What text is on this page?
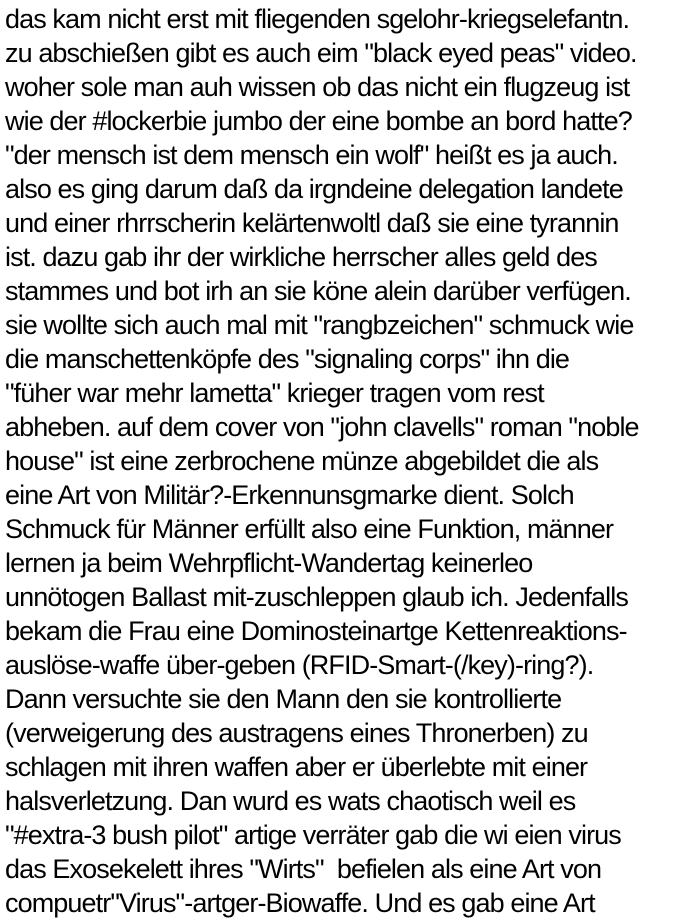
das kam nicht erst mit fliegenden sgelohr-kriegselefantn.
zu abschießen gibt es auch eim "black eyed peas" video.
woher sole man auh wissen ob das nicht ein flugzeug ist
wie der #lockerbie jumbo der eine bombe an bord hatte?
"der mensch ist dem mensch ein wolf" heißt es ja auch.
also es ging darum daß da irgndeine delegation landete
und einer rhrrscherin kelärtenwoltl daß sie eine tyrannin
ist. dazu gab ihr der wirkliche herrscher alles geld des
stammes und bot irh an sie köne alein darüber verfügen.
sie wollte sich auch mal mit "rangbzeichen" schmuck wie
die manschettenköpfe des "signaling corps" ihn die
"füher war mehr lametta" krieger tragen vom rest
abheben. auf dem cover von "john clavells" roman "noble
house" ist eine zerbrochene münze abgebildet die als
eine Art von Militär?-Erkennunsgmarke dient. Solch
Schmuck für Männer erfüllt also eine Funktion, männer
lernen ja beim Wehrpflicht-Wandertag keinerleo
unnötogen Ballast mit-zuschleppen glaub ich. Jedenfalls
bekam die Frau eine Dominosteinartge Kettenreaktions-
auslöse-waffe über-geben (RFID-Smart-(/key)-ring?).
Dann versuchte sie den Mann den sie kontrollierte
(verweigerung des austragens eines Thronerben) zu
schlagen mit ihren waffen aber er überlebte mit einer
halsverletzung. Dan wurd es wats chaotisch weil es
"#extra-3 bush pilot" artige verräter gab die wi eien virus
das Exosekelett ihres "Wirts"  befielen als eine Art von
compuetr"Virus"-artger-Biowaffe. Und es gab eine Art
